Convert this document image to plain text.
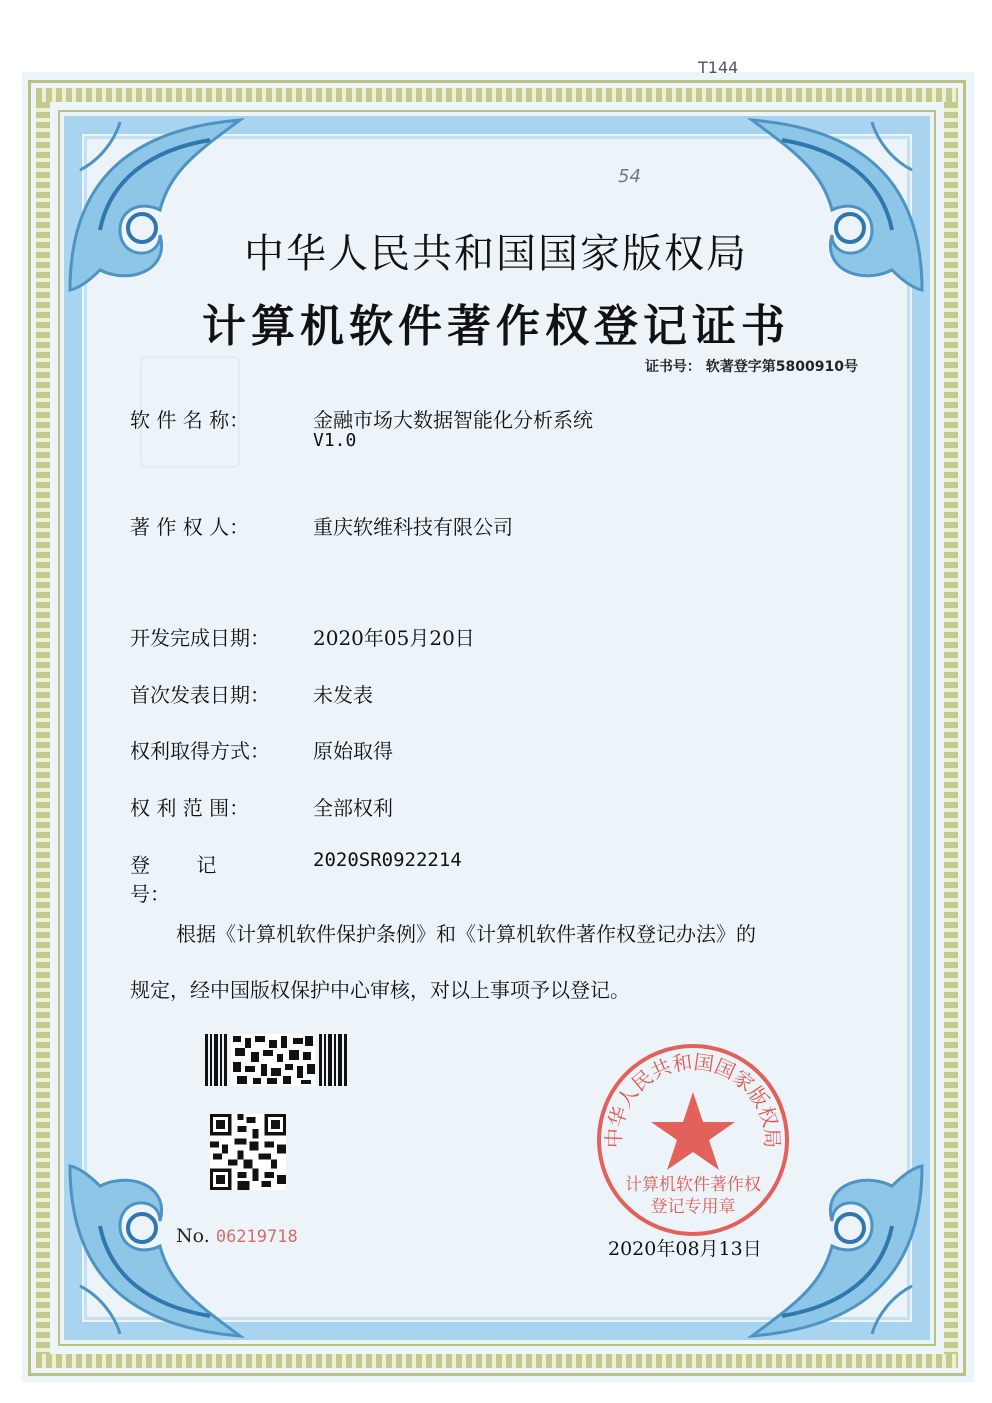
T144
54
中华人民共和国国家版权局
计算机软件著作权登记证书
证书号： 软著登字第5800910号
软 件 名 称：	金融市场大数据智能化分析系统
V1.0
著 作 权 人：	重庆软维科技有限公司
开发完成日期：	2020年05月20日
首次发表日期：	未发表
权利取得方式：	原始取得
权 利 范 围：	全部权利
登 记 号：
2020SR0922214
根据《计算机软件保护条例》和《计算机软件著作权登记办法》的
规定，经中国版权保护中心审核，对以上事项予以登记。
No. 06219718
中华人民共和国国家版权局
计算机软件著作权
登记专用章
2020年08月13日
